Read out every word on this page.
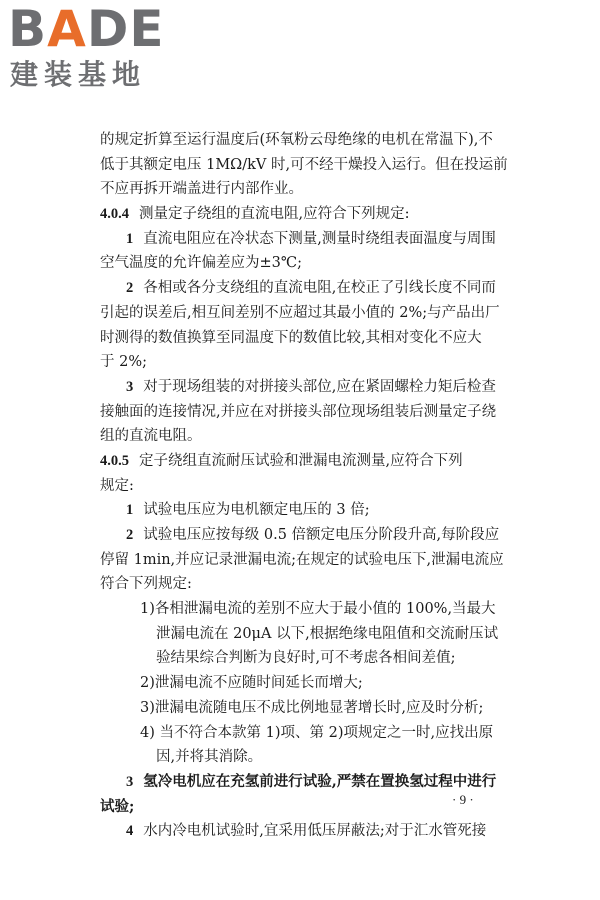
BADE
建装基地
的规定折算至运行温度后(环氧粉云母绝缘的电机在常温下),不
低于其额定电压 1MΩ/kV 时,可不经干燥投入运行。但在投运前
不应再拆开端盖进行内部作业。
4.0.4 测量定子绕组的直流电阻,应符合下列规定:
1 直流电阻应在冷状态下测量,测量时绕组表面温度与周围
空气温度的允许偏差应为±3℃;
2 各相或各分支绕组的直流电阻,在校正了引线长度不同而
引起的误差后,相互间差别不应超过其最小值的 2%;与产品出厂
时测得的数值换算至同温度下的数值比较,其相对变化不应大
于 2%;
3 对于现场组装的对拼接头部位,应在紧固螺栓力矩后检查
接触面的连接情况,并应在对拼接头部位现场组装后测量定子绕
组的直流电阻。
4.0.5 定子绕组直流耐压试验和泄漏电流测量,应符合下列
规定:
1 试验电压应为电机额定电压的 3 倍;
2 试验电压应按每级 0.5 倍额定电压分阶段升高,每阶段应
停留 1min,并应记录泄漏电流;在规定的试验电压下,泄漏电流应
符合下列规定:
1)各相泄漏电流的差别不应大于最小值的 100%,当最大
泄漏电流在 20μA 以下,根据绝缘电阻值和交流耐压试
验结果综合判断为良好时,可不考虑各相间差值;
2)泄漏电流不应随时间延长而增大;
3)泄漏电流随电压不成比例地显著增长时,应及时分析;
4) 当不符合本款第 1)项、第 2)项规定之一时,应找出原
因,并将其消除。
3 氢冷电机应在充氢前进行试验,严禁在置换氢过程中进行
试验;
4 水内冷电机试验时,宜采用低压屏蔽法;对于汇水管死接
· 9 ·
